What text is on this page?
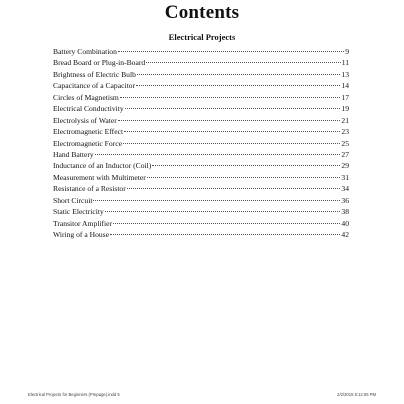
Contents
Electrical Projects
Battery Combination	9
Bread Board or Plug-in-Board	11
Brightness of Electric Bulb	13
Capacitance of a Capacitor	14
Circles of Magnetism	17
Electrical Conductivity	19
Electrolysis of Water	21
Electromagnetic Effect	23
Electromagnetic Force	25
Hand Battery	27
Inductance of an Inductor (Coil)	29
Measurement with Multimeter	31
Resistance of a Resistor	34
Short Circuit	36
Static Electricity	38
Transitor Amplifier	40
Wiring of a House	42
Electrical Projects for Beginners (Prepage).indd 5	2/2/2015 5:12:06 PM
